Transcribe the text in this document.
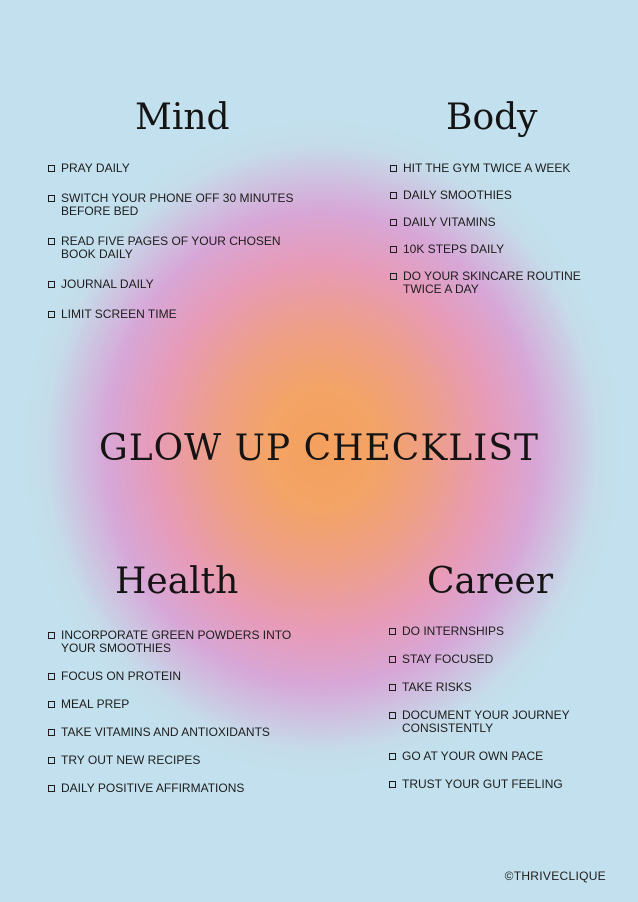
Mind
PRAY DAILY
SWITCH YOUR PHONE OFF 30 MINUTES BEFORE BED
READ FIVE PAGES OF YOUR CHOSEN BOOK DAILY
JOURNAL DAILY
LIMIT SCREEN TIME
Body
HIT THE GYM TWICE A WEEK
DAILY SMOOTHIES
DAILY VITAMINS
10K STEPS DAILY
DO YOUR SKINCARE ROUTINE TWICE A DAY
GLOW UP CHECKLIST
Health
INCORPORATE GREEN POWDERS INTO YOUR SMOOTHIES
FOCUS ON PROTEIN
MEAL PREP
TAKE VITAMINS AND ANTIOXIDANTS
TRY OUT NEW RECIPES
DAILY POSITIVE AFFIRMATIONS
Career
DO INTERNSHIPS
STAY FOCUSED
TAKE RISKS
DOCUMENT YOUR JOURNEY CONSISTENTLY
GO AT YOUR OWN PACE
TRUST YOUR GUT FEELING
©THRIVECLIQUE
